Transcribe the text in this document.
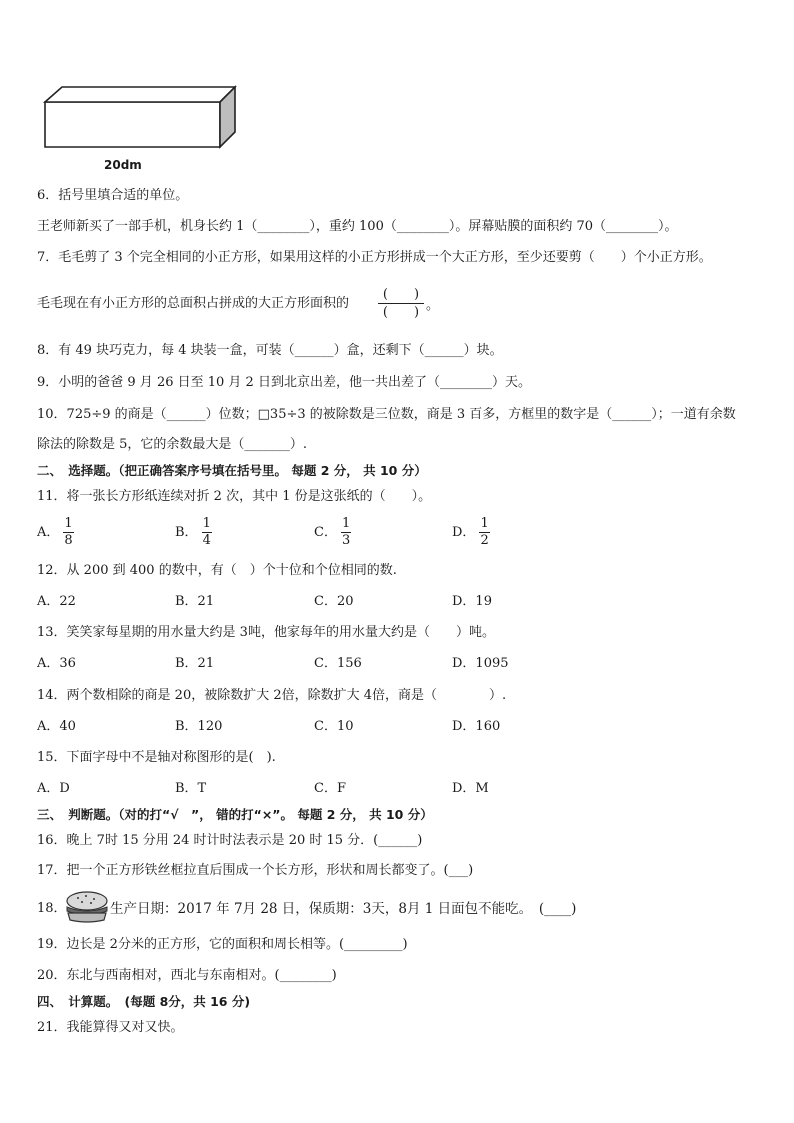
20dm
6．括号里填合适的单位。
王老师新买了一部手机，机身长约 1（________），重约 100（________）。屏幕贴膜的面积约 70（________）。
7．毛毛剪了 3 个完全相同的小正方形，如果用这样的小正方形拼成一个大正方形，至少还要剪（　　）个小正方形。
毛毛现在有小正方形的总面积占拼成的大正方形面积的
(　　)
(　　) 。
8．有 49 块巧克力，每 4 块装一盒，可装（______）盒，还剩下（______）块。
9．小明的爸爸 9 月 26 日至 10 月 2 日到北京出差，他一共出差了（________）天。
10．725÷9 的商是（______）位数；□35÷3 的被除数是三位数，商是 3 百多，方框里的数字是（______）；一道有余数
除法的除数是 5，它的余数最大是（_______）.
二、　选择题。（把正确答案序号填在括号里。 每题 2 分， 共 10 分）
11．将一张长方形纸连续对折 2 次，其中 1 份是这张纸的（　　）。
A． $\frac{1}{8}$	B． $\frac{1}{4}$	C． $\frac{1}{3}$	D． $\frac{1}{2}$
12．从 200 到 400 的数中，有（　）个十位和个位相同的数.
A．22	B．21	C．20	D．19
13．笑笑家每星期的用水量大约是 3吨，他家每年的用水量大约是（　　）吨。
A．36	B．21	C．156	D．1095
14．两个数相除的商是 20，被除数扩大 2倍，除数扩大 4倍，商是（　　　　）.
A．40	B．120	C．10	D．160
15．下面字母中不是轴对称图形的是(　).
A．D	B．T	C．F	D．M
三、　判断题。（对的打“√　”， 错的打“×”。 每题 2 分， 共 10 分）
16．晚上 7时 15 分用 24 时计时法表示是 20 时 15 分．(______)
17．把一个正方形铁丝框拉直后围成一个长方形，形状和周长都变了。(___)
18．	生产日期：2017 年 7月 28 日，保质期：3天，8月 1 日面包不能吃。　(____)
19．边长是 2分米的正方形，它的面积和周长相等。(_________)
20．东北与西南相对，西北与东南相对。(________)
四、　计算题。　(每题 8分，共 16 分)
21．我能算得又对又快。
